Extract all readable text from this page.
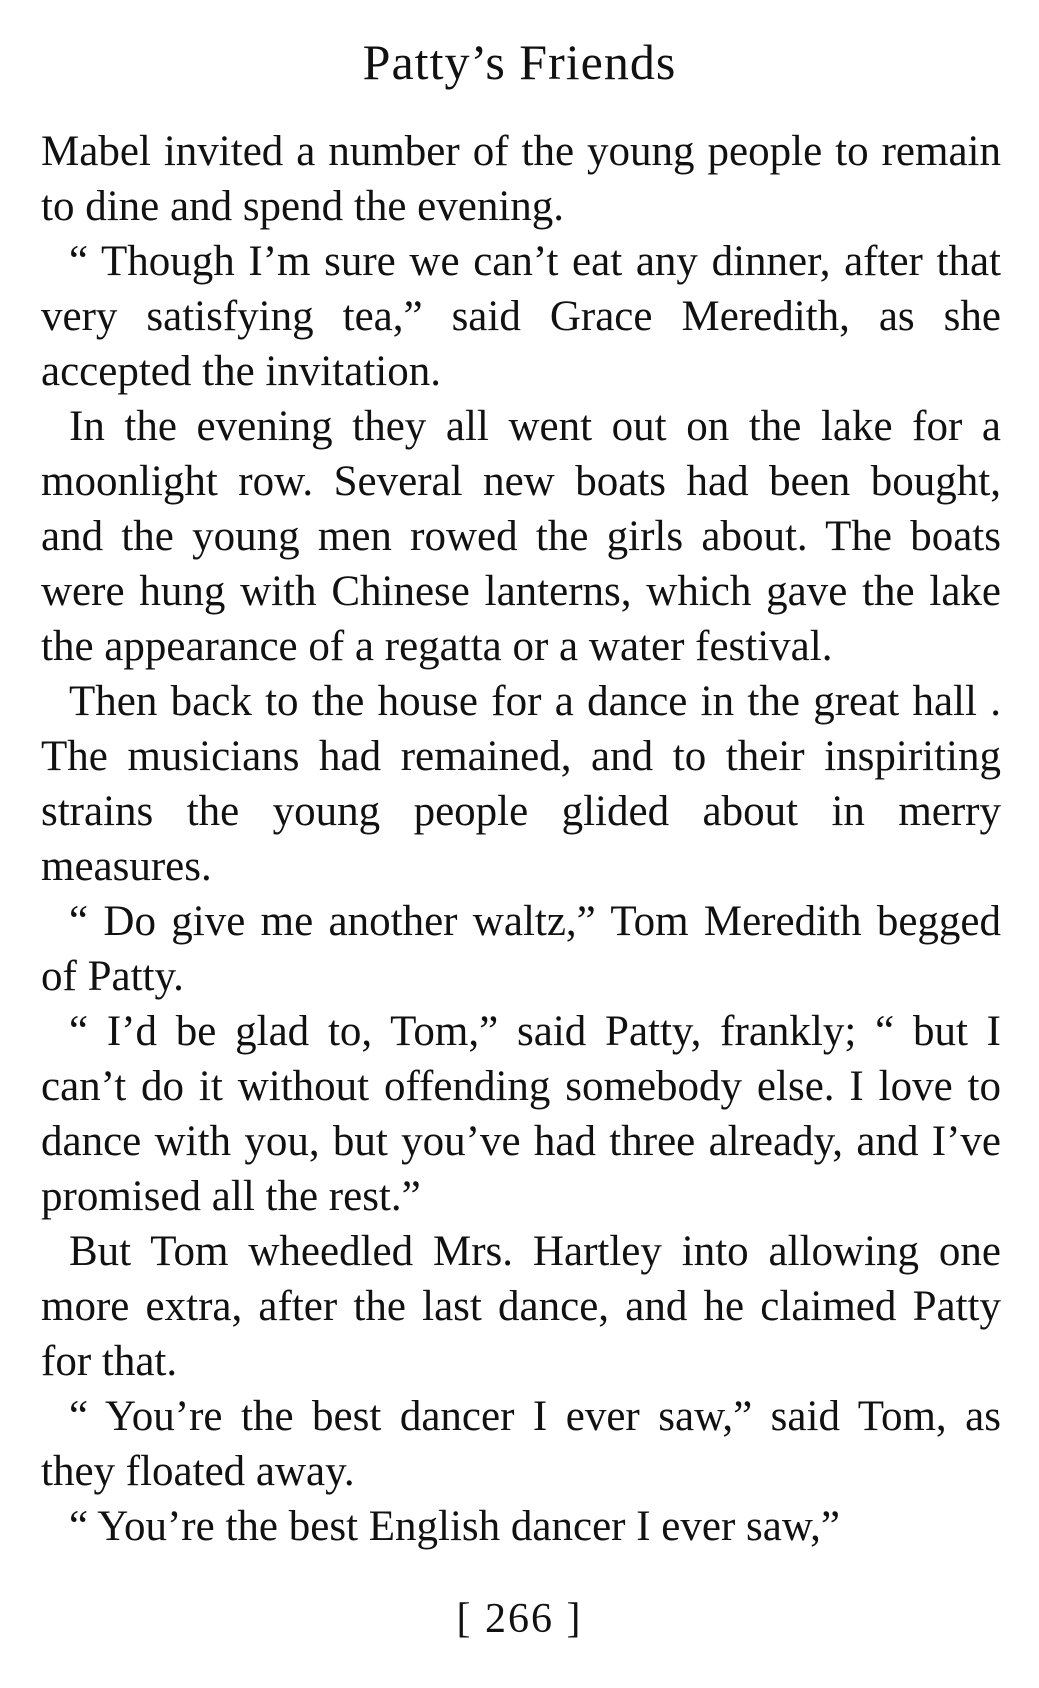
Patty’s Friends

Mabel invited a number of the young people to remain to dine and spend the evening.

“ Though I’m sure we can’t eat any dinner, after that very satisfying tea,” said Grace Meredith, as she accepted the invitation.

In the evening they all went out on the lake for a moonlight row. Several new boats had been bought, and the young men rowed the girls about. The boats were hung with Chinese lanterns, which gave the lake the appearance of a regatta or a water festival.

Then back to the house for a dance in the great hall . The musicians had remained, and to their inspiriting strains the young people glided about in merry measures.

“ Do give me another waltz,” Tom Meredith begged of Patty.

“ I’d be glad to, Tom,” said Patty, frankly; “ but I can’t do it without offending somebody else. I love to dance with you, but you’ve had three already, and I’ve promised all the rest.”

But Tom wheedled Mrs. Hartley into allowing one more extra, after the last dance, and he claimed Patty for that.

“ You’re the best dancer I ever saw,” said Tom, as they floated away.

“ You’re the best English dancer I ever saw,”

[ 266 ]
